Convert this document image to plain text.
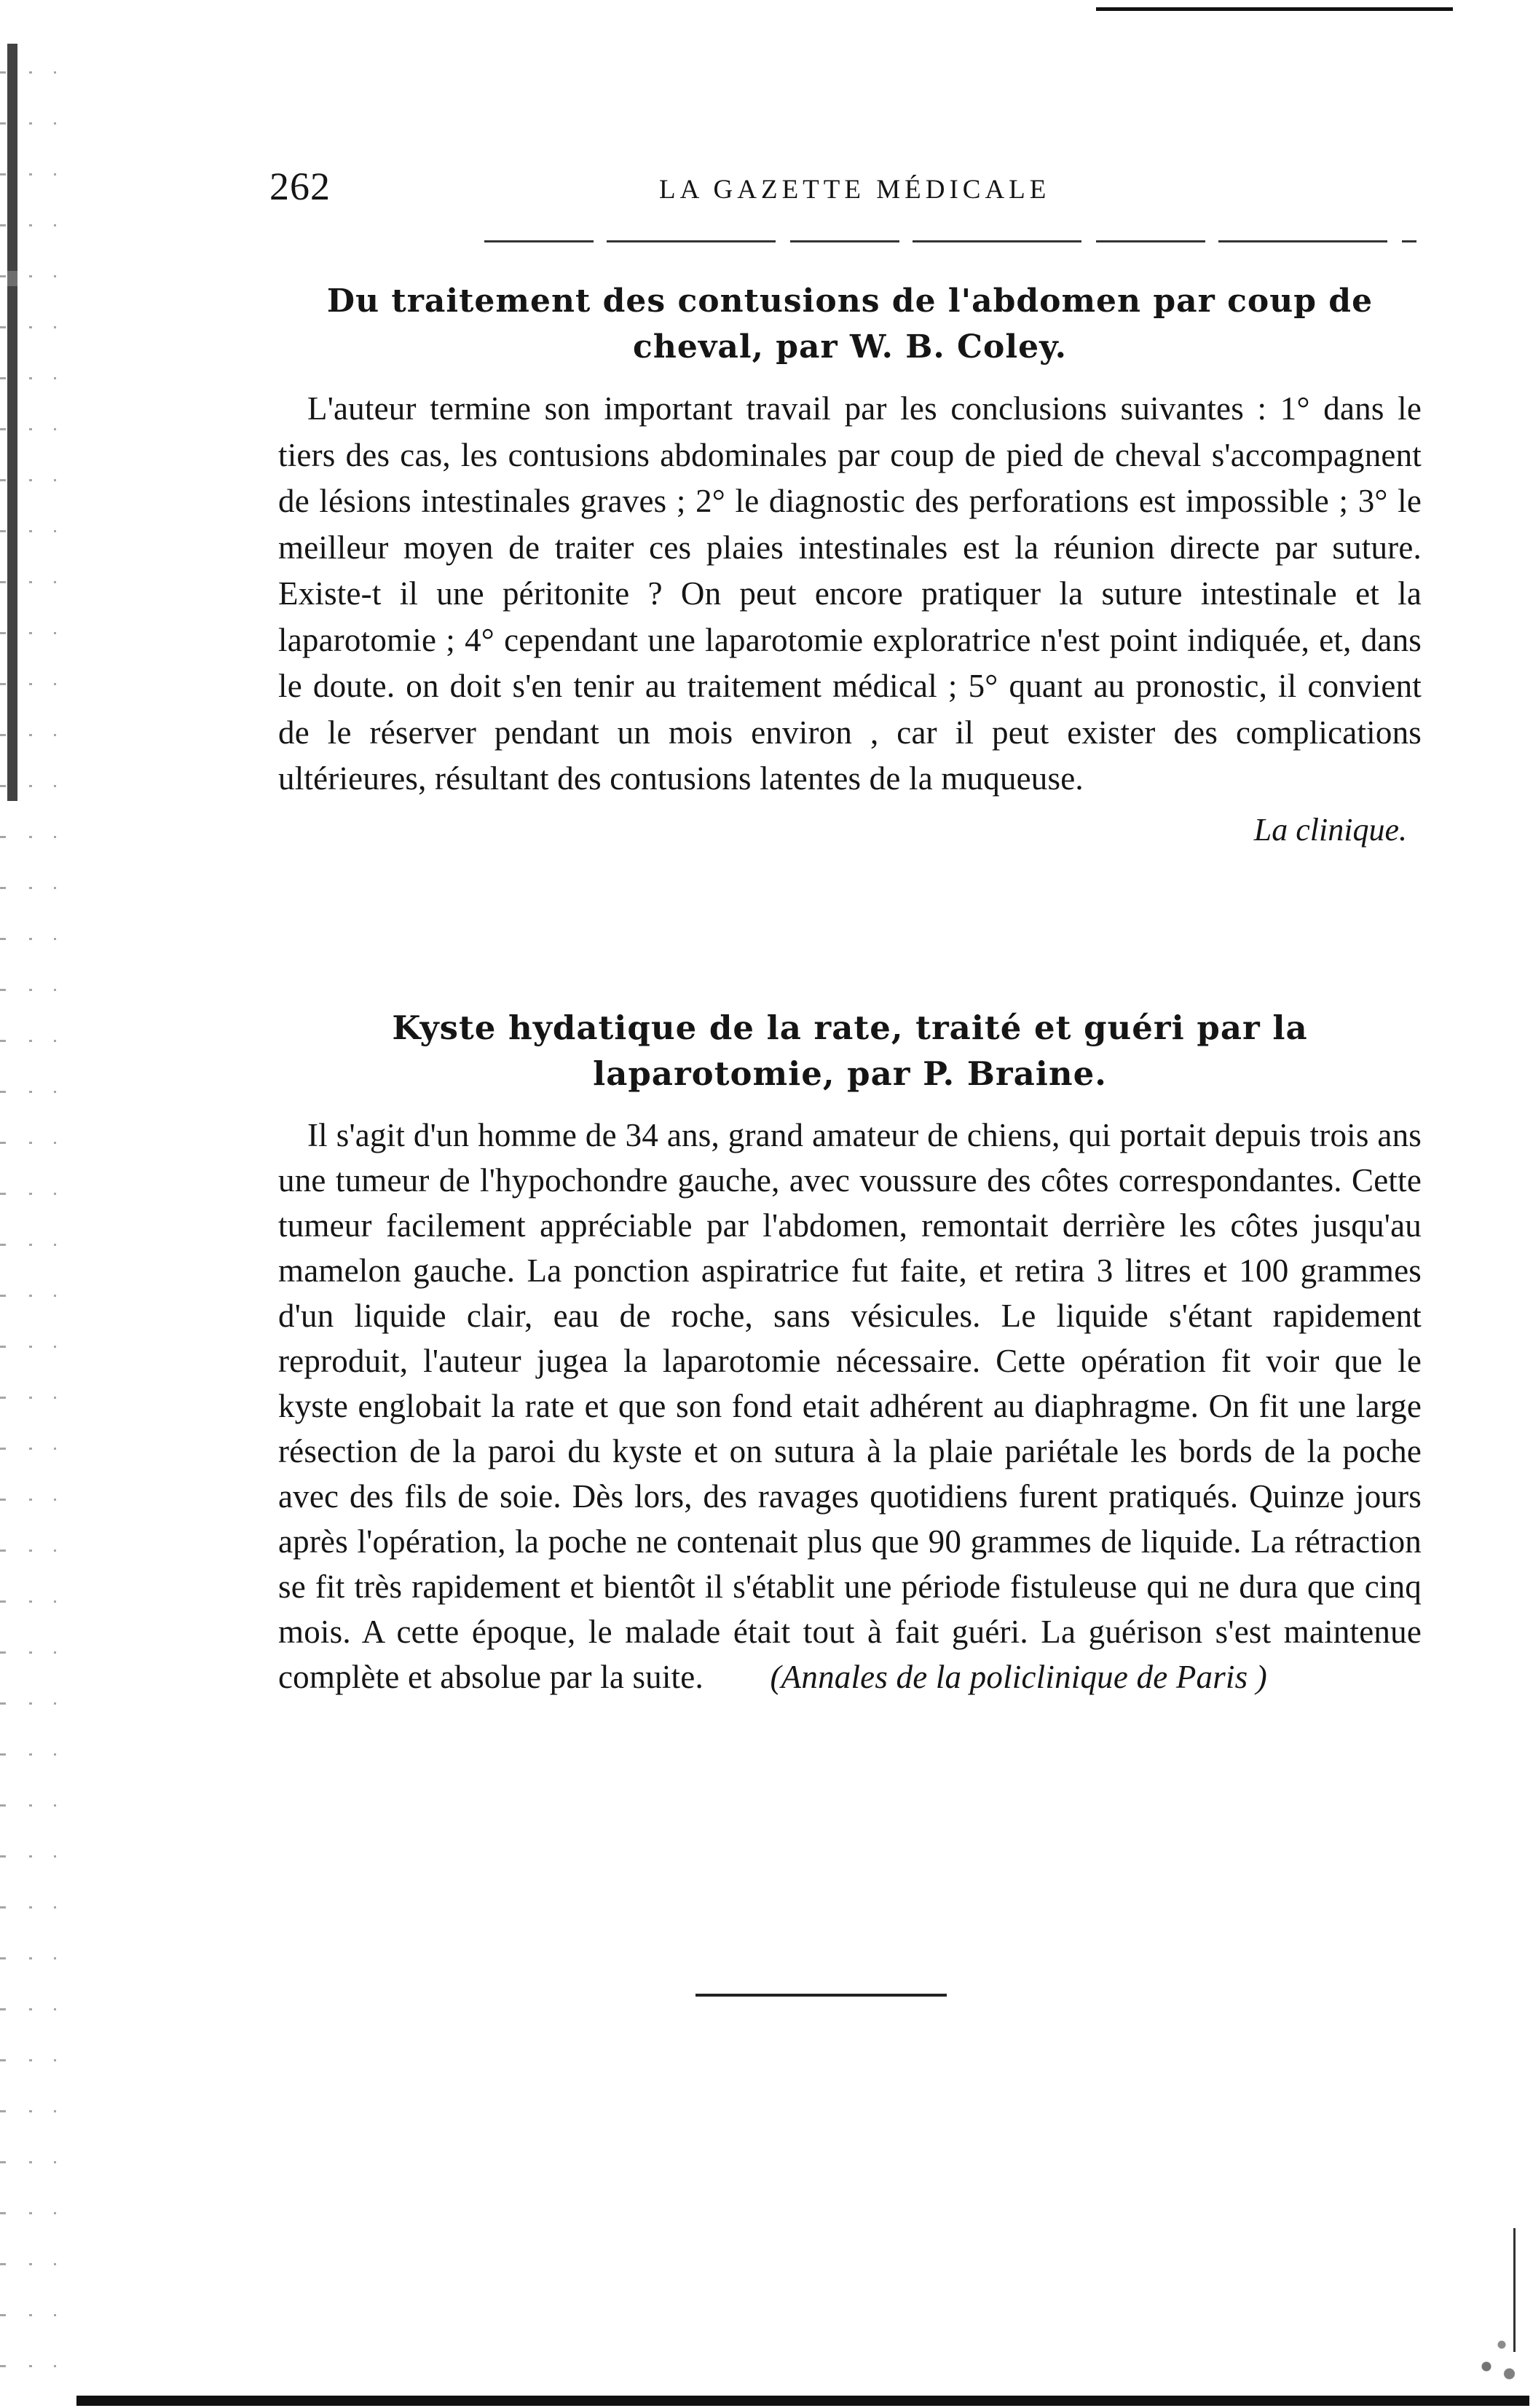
262	LA GAZETTE MÉDICALE
Du traitement des contusions de l'abdomen par coup de cheval, par W. B. Coley.

L'auteur termine son important travail par les conclusions suivantes : 1° dans le tiers des cas, les contusions abdominales par coup de pied de cheval s'accompagnent de lésions intestinales graves ; 2° le diagnostic des perforations est impossible ; 3° le meilleur moyen de traiter ces plaies intestinales est la réunion directe par suture. Existe-t il une péritonite ? On peut encore pratiquer la suture intestinale et la laparotomie ; 4° cependant une laparotomie exploratrice n'est point indiquée, et, dans le doute. on doit s'en tenir au traitement médical ; 5° quant au pronostic, il convient de le réserver pendant un mois environ , car il peut exister des complications ultérieures, résultant des contusions latentes de la muqueuse.

La clinique.
Kyste hydatique de la rate, traité et guéri par la laparotomie, par P. Braine.

Il s'agit d'un homme de 34 ans, grand amateur de chiens, qui portait depuis trois ans une tumeur de l'hypochondre gauche, avec voussure des côtes correspondantes. Cette tumeur facilement appréciable par l'abdomen, remontait derrière les côtes jusqu'au mamelon gauche. La ponction aspiratrice fut faite, et retira 3 litres et 100 grammes d'un liquide clair, eau de roche, sans vésicules. Le liquide s'étant rapidement reproduit, l'auteur jugea la laparotomie nécessaire. Cette opération fit voir que le kyste englobait la rate et que son fond etait adhérent au diaphragme. On fit une large résection de la paroi du kyste et on sutura à la plaie pariétale les bords de la poche avec des fils de soie. Dès lors, des ravages quotidiens furent pratiqués. Quinze jours après l'opération, la poche ne contenait plus que 90 grammes de liquide. La rétraction se fit très rapidement et bientôt il s'établit une période fistuleuse qui ne dura que cinq mois. A cette époque, le malade était tout à fait guéri. La guérison s'est maintenue complète et absolue par la suite. (Annales de la policlinique de Paris )
